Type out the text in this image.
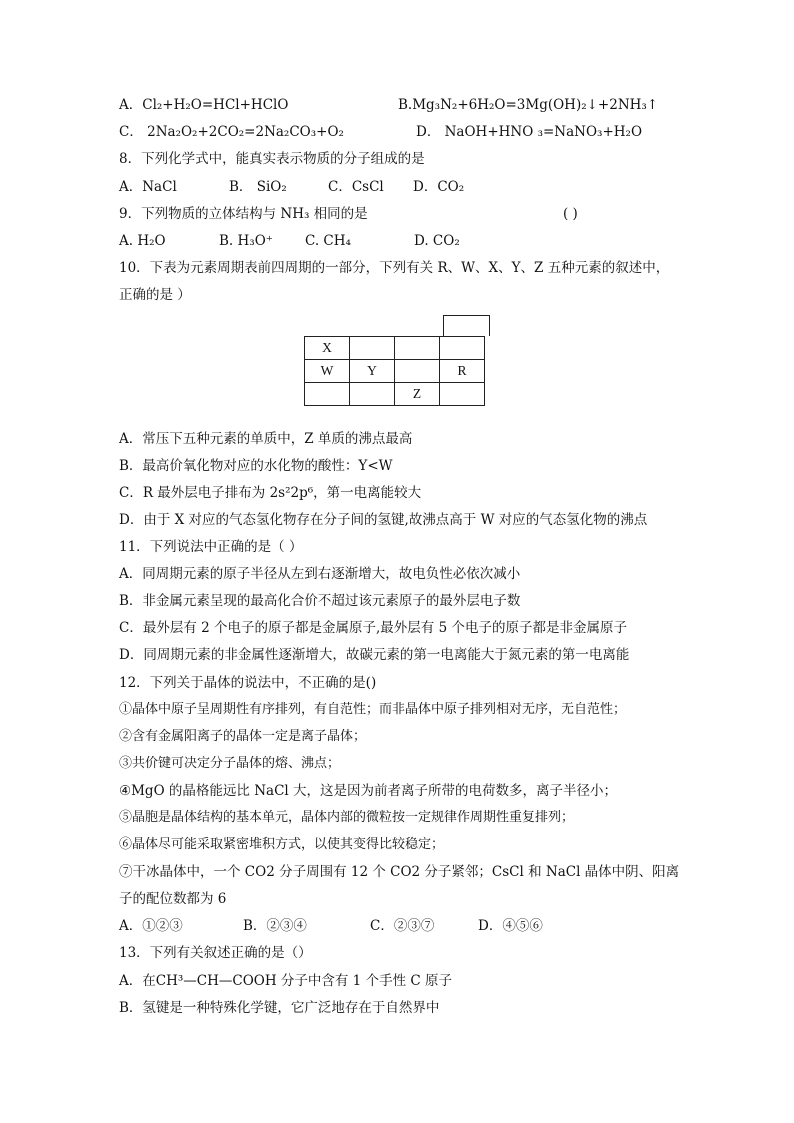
A．Cl₂+H₂O=HCl+HClO	B.Mg₃N₂+6H₂O=3Mg(OH)₂↓+2NH₃↑
C． 2Na₂O₂+2CO₂=2Na₂CO₃+O₂	D． NaOH+HNO ₃=NaNO₃+H₂O
8．下列化学式中，能真实表示物质的分子组成的是
A．NaCl	B． SiO₂	C．CsCl D．CO₂
9．下列物质的立体结构与 NH₃ 相同的是	( )
A. H₂O	B. H₃O⁺ C. CH₄	D. CO₂
10．下表为元素周期表前四周期的一部分，下列有关 R、W、X、Y、Z 五种元素的叙述中，
正确的是 ）
X			
W	Y		R
		Z	
A．常压下五种元素的单质中，Z 单质的沸点最高
B．最高价氧化物对应的水化物的酸性：Y<W
C．R 最外层电子排布为 2s²2p⁶，第一电离能较大
D．由于 X 对应的气态氢化物存在分子间的氢键,故沸点高于 W 对应的气态氢化物的沸点
11．下列说法中正确的是（ ）
A．同周期元素的原子半径从左到右逐渐增大，故电负性必依次减小
B．非金属元素呈现的最高化合价不超过该元素原子的最外层电子数
C．最外层有 2 个电子的原子都是金属原子,最外层有 5 个电子的原子都是非金属原子
D．同周期元素的非金属性逐渐增大，故碳元素的第一电离能大于氮元素的第一电离能
12．下列关于晶体的说法中，不正确的是()
①晶体中原子呈周期性有序排列，有自范性；而非晶体中原子排列相对无序，无自范性；
②含有金属阳离子的晶体一定是离子晶体；
③共价键可决定分子晶体的熔、沸点；
④MgO 的晶格能远比 NaCl 大，这是因为前者离子所带的电荷数多，离子半径小；
⑤晶胞是晶体结构的基本单元，晶体内部的微粒按一定规律作周期性重复排列；
⑥晶体尽可能采取紧密堆积方式，以使其变得比较稳定；
⑦干冰晶体中，一个 CO2 分子周围有 12 个 CO2 分子紧邻；CsCl 和 NaCl 晶体中阴、阳离
子的配位数都为 6
A．①②③	B．②③④	C．②③⑦	D．④⑤⑥
13．下列有关叙述正确的是（）
A．在CH³—CH—COOH 分子中含有 1 个手性 C 原子
B．氢键是一种特殊化学键，它广泛地存在于自然界中
